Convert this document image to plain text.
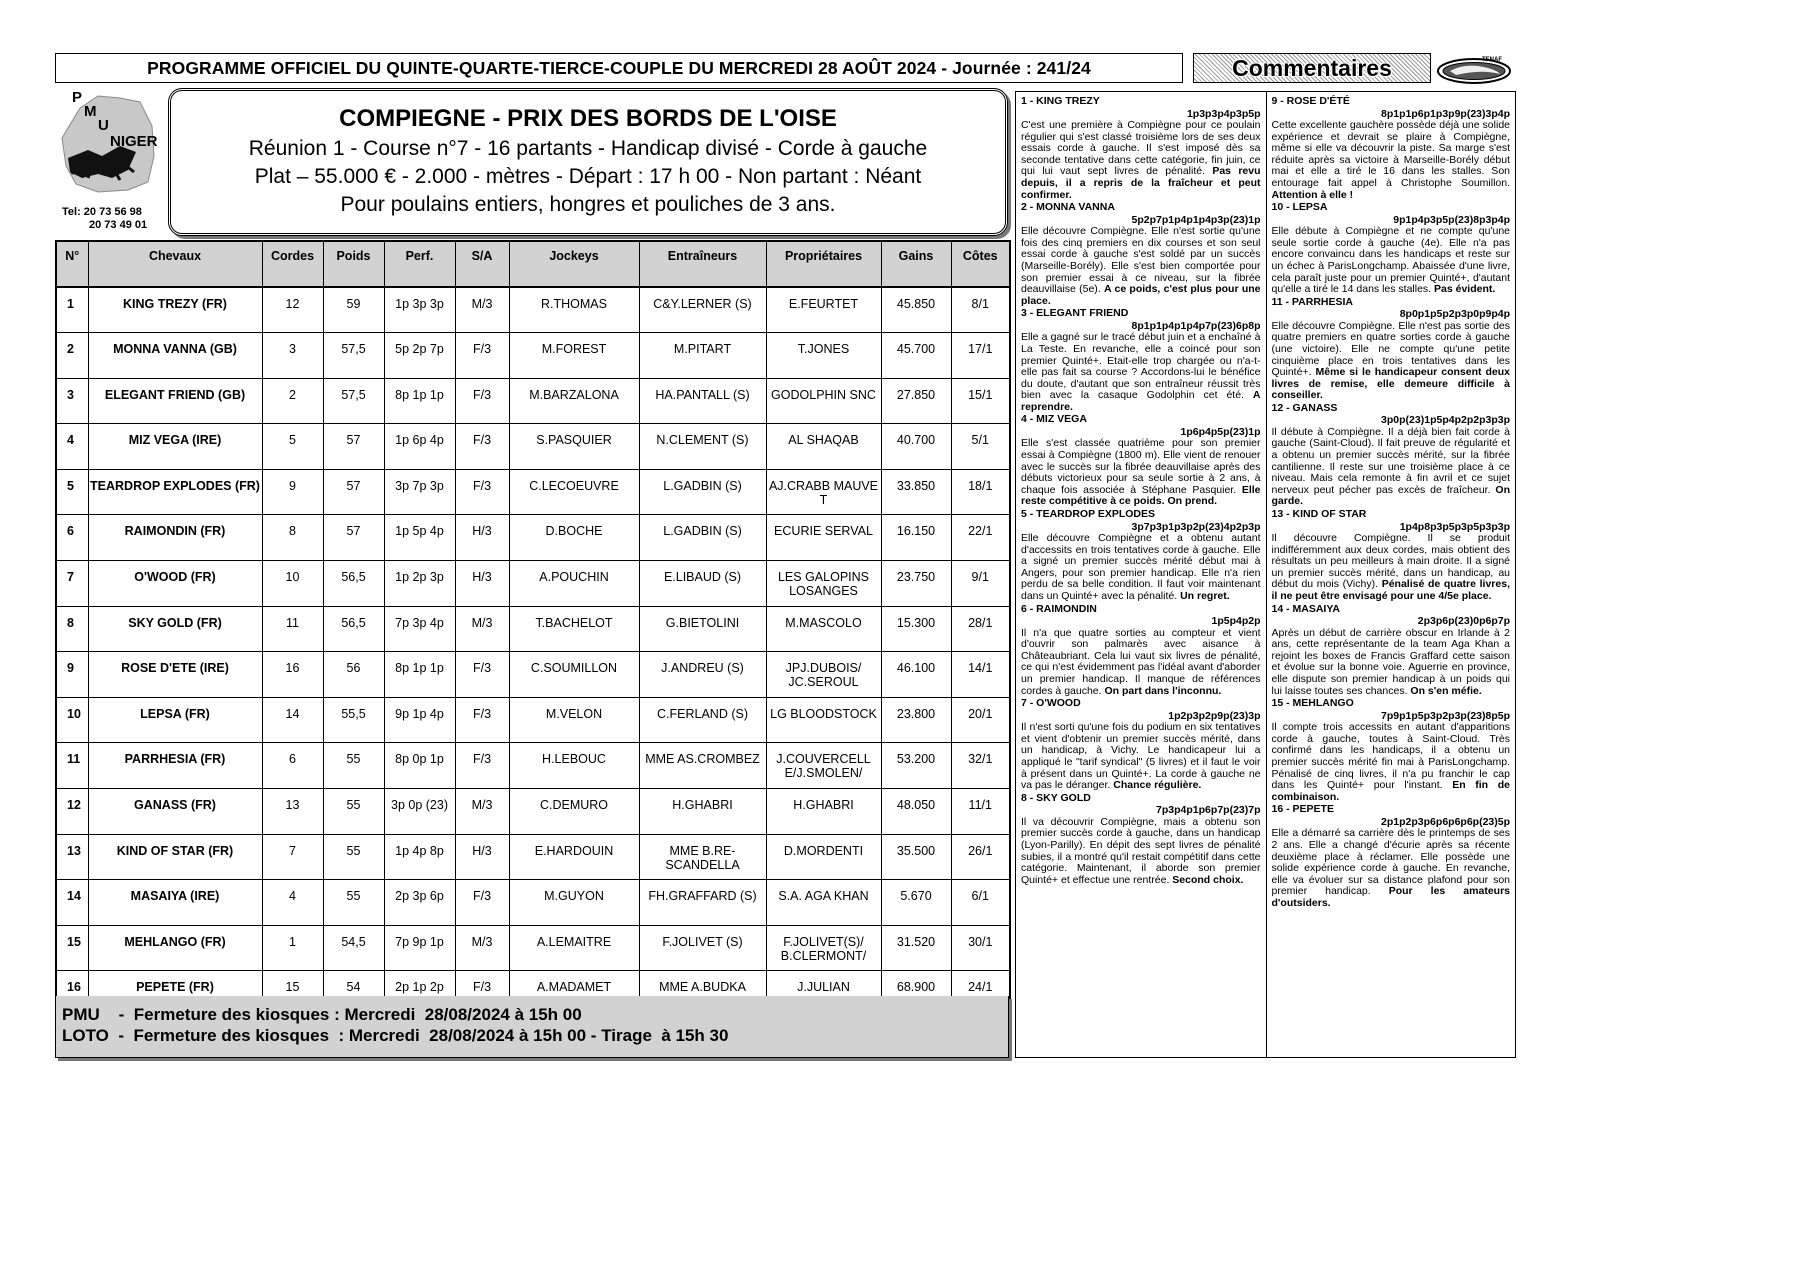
PROGRAMME OFFICIEL DU QUINTE-QUARTE-TIERCE-COUPLE DU MERCREDI 28 AOÛT 2024 - Journée : 241/24	Commentaires	TENAF
P
M
U
NIGER
Tel: 20 73 56 98
20 73 49 01
COMPIEGNE - PRIX DES BORDS DE L'OISE
Réunion 1 - Course n°7 - 16 partants - Handicap divisé - Corde à gauche
Plat – 55.000 € - 2.000 - mètres - Départ : 17 h 00 - Non partant : Néant
Pour poulains entiers, hongres et pouliches de 3 ans.
N°	Chevaux	Cordes	Poids	Perf.	S/A	Jockeys	Entraîneurs	Propriétaires	Gains	Côtes
1	KING TREZY (FR)	12	59	1p 3p 3p	M/3	R.THOMAS	C&Y.LERNER (S)	E.FEURTET	45.850	8/1
2	MONNA VANNA (GB)	3	57,5	5p 2p 7p	F/3	M.FOREST	M.PITART	T.JONES	45.700	17/1
3	ELEGANT FRIEND (GB)	2	57,5	8p 1p 1p	F/3	M.BARZALONA	HA.PANTALL (S)	GODOLPHIN SNC	27.850	15/1
4	MIZ VEGA (IRE)	5	57	1p 6p 4p	F/3	S.PASQUIER	N.CLEMENT (S)	AL SHAQAB	40.700	5/1
5	TEARDROP EXPLODES (FR)	9	57	3p 7p 3p	F/3	C.LECOEUVRE	L.GADBIN (S)	AJ.CRABB MAUVE T	33.850	18/1
6	RAIMONDIN (FR)	8	57	1p 5p 4p	H/3	D.BOCHE	L.GADBIN (S)	ECURIE SERVAL	16.150	22/1
7	O'WOOD (FR)	10	56,5	1p 2p 3p	H/3	A.POUCHIN	E.LIBAUD (S)	LES GALOPINS LOSANGES	23.750	9/1
8	SKY GOLD (FR)	11	56,5	7p 3p 4p	M/3	T.BACHELOT	G.BIETOLINI	M.MASCOLO	15.300	28/1
9	ROSE D'ETE (IRE)	16	56	8p 1p 1p	F/3	C.SOUMILLON	J.ANDREU (S)	JPJ.DUBOIS/ JC.SEROUL	46.100	14/1
10	LEPSA (FR)	14	55,5	9p 1p 4p	F/3	M.VELON	C.FERLAND (S)	LG BLOODSTOCK	23.800	20/1
11	PARRHESIA (FR)	6	55	8p 0p 1p	F/3	H.LEBOUC	MME AS.CROMBEZ	J.COUVERCELL E/J.SMOLEN/	53.200	32/1
12	GANASS (FR)	13	55	3p 0p (23)	M/3	C.DEMURO	H.GHABRI	H.GHABRI	48.050	11/1
13	KIND OF STAR (FR)	7	55	1p 4p 8p	H/3	E.HARDOUIN	MME B.RE-SCANDELLA	D.MORDENTI	35.500	26/1
14	MASAIYA (IRE)	4	55	2p 3p 6p	F/3	M.GUYON	FH.GRAFFARD (S)	S.A. AGA KHAN	5.670	6/1
15	MEHLANGO (FR)	1	54,5	7p 9p 1p	M/3	A.LEMAITRE	F.JOLIVET (S)	F.JOLIVET(S)/ B.CLERMONT/	31.520	30/1
16	PEPETE (FR)	15	54	2p 1p 2p	F/3	A.MADAMET	MME A.BUDKA	J.JULIAN	68.900	24/1
PMU    -  Fermeture des kiosques : Mercredi  28/08/2024 à 15h 00
LOTO  -  Fermeture des kiosques  : Mercredi  28/08/2024 à 15h 00 - Tirage  à 15h 30
1 - KING TREZY
1p3p3p4p3p5p
C'est une première à Compiègne pour ce poulain régulier qui s'est classé troisième lors de ses deux essais corde à gauche. Il s'est imposé dès sa seconde tentative dans cette catégorie, fin juin, ce qui lui vaut sept livres de pénalité. Pas revu depuis, il a repris de la fraîcheur et peut confirmer.
2 - MONNA VANNA
5p2p7p1p4p1p4p3p(23)1p
Elle découvre Compiègne. Elle n'est sortie qu'une fois des cinq premiers en dix courses et son seul essai corde à gauche s'est soldé par un succès (Marseille-Borély). Elle s'est bien comportée pour son premier essai à ce niveau, sur la fibrée deauvillaise (5e). A ce poids, c'est plus pour une place.
3 - ELEGANT FRIEND
8p1p1p4p1p4p7p(23)6p8p
Elle a gagné sur le tracé début juin et a enchaîné à La Teste. En revanche, elle a coincé pour son premier Quinté+. Etait-elle trop chargée ou n'a-t-elle pas fait sa course ? Accordons-lui le bénéfice du doute, d'autant que son entraîneur réussit très bien avec la casaque Godolphin cet été. A reprendre.
4 - MIZ VEGA
1p6p4p5p(23)1p
Elle s'est classée quatrième pour son premier essai à Compiègne (1800 m). Elle vient de renouer avec le succès sur la fibrée deauvillaise après des débuts victorieux pour sa seule sortie à 2 ans, à chaque fois associée à Stéphane Pasquier. Elle reste compétitive à ce poids. On prend.
5 - TEARDROP EXPLODES
3p7p3p1p3p2p(23)4p2p3p
Elle découvre Compiègne et a obtenu autant d'accessits en trois tentatives corde à gauche. Elle a signé un premier succès mérité début mai à Angers, pour son premier handicap. Elle n'a rien perdu de sa belle condition. Il faut voir maintenant dans un Quinté+ avec la pénalité. Un regret.
6 - RAIMONDIN
1p5p4p2p
Il n'a que quatre sorties au compteur et vient d'ouvrir son palmarès avec aisance à Châteaubriant. Cela lui vaut six livres de pénalité, ce qui n'est évidemment pas l'idéal avant d'aborder un premier handicap. Il manque de références cordes à gauche. On part dans l'inconnu.
7 - O'WOOD
1p2p3p2p9p(23)3p
Il n'est sorti qu'une fois du podium en six tentatives et vient d'obtenir un premier succès mérité, dans un handicap, à Vichy. Le handicapeur lui a appliqué le "tarif syndical" (5 livres) et il faut le voir à présent dans un Quinté+. La corde à gauche ne va pas le déranger. Chance régulière.
8 - SKY GOLD
7p3p4p1p6p7p(23)7p
Il va découvrir Compiègne, mais a obtenu son premier succès corde à gauche, dans un handicap (Lyon-Parilly). En dépit des sept livres de pénalité subies, il a montré qu'il restait compétitif dans cette catégorie. Maintenant, il aborde son premier Quinté+ et effectue une rentrée. Second choix.
9 - ROSE D'ÉTÉ
8p1p1p6p1p3p9p(23)3p4p
Cette excellente gauchère possède déjà une solide expérience et devrait se plaire à Compiègne, même si elle va découvrir la piste. Sa marge s'est réduite après sa victoire à Marseille-Borély début mai et elle a tiré le 16 dans les stalles. Son entourage fait appel à Christophe Soumillon. Attention à elle !
10 - LEPSA
9p1p4p3p5p(23)8p3p4p
Elle débute à Compiègne et ne compte qu'une seule sortie corde à gauche (4e). Elle n'a pas encore convaincu dans les handicaps et reste sur un échec à ParisLongchamp. Abaissée d'une livre, cela paraît juste pour un premier Quinté+, d'autant qu'elle a tiré le 14 dans les stalles. Pas évident.
11 - PARRHESIA
8p0p1p5p2p3p0p9p4p
Elle découvre Compiègne. Elle n'est pas sortie des quatre premiers en quatre sorties corde à gauche (une victoire). Elle ne compte qu'une petite cinquième place en trois tentatives dans les Quinté+. Même si le handicapeur consent deux livres de remise, elle demeure difficile à conseiller.
12 - GANASS
3p0p(23)1p5p4p2p2p3p3p
Il débute à Compiègne. Il a déjà bien fait corde à gauche (Saint-Cloud). Il fait preuve de régularité et a obtenu un premier succès mérité, sur la fibrée cantilienne. Il reste sur une troisième place à ce niveau. Mais cela remonte à fin avril et ce sujet nerveux peut pécher pas excès de fraîcheur. On garde.
13 - KIND OF STAR
1p4p8p3p5p3p5p3p3p
Il découvre Compiègne. Il se produit indifféremment aux deux cordes, mais obtient des résultats un peu meilleurs à main droite. Il a signé un premier succès mérité, dans un handicap, au début du mois (Vichy). Pénalisé de quatre livres, il ne peut être envisagé pour une 4/5e place.
14 - MASAIYA
2p3p6p(23)0p6p7p
Après un début de carrière obscur en Irlande à 2 ans, cette représentante de la team Aga Khan a rejoint les boxes de Francis Graffard cette saison et évolue sur la bonne voie. Aguerrie en province, elle dispute son premier handicap à un poids qui lui laisse toutes ses chances. On s'en méfie.
15 - MEHLANGO
7p9p1p5p3p2p3p(23)8p5p
Il compte trois accessits en autant d'apparitions corde à gauche, toutes à Saint-Cloud. Très confirmé dans les handicaps, il a obtenu un premier succès mérité fin mai à ParisLongchamp. Pénalisé de cinq livres, il n'a pu franchir le cap dans les Quinté+ pour l'instant. En fin de combinaison.
16 - PEPETE
2p1p2p3p6p6p6p6p(23)5p
Elle a démarré sa carrière dès le printemps de ses 2 ans. Elle a changé d'écurie après sa récente deuxième place à réclamer. Elle possède une solide expérience corde à gauche. En revanche, elle va évoluer sur sa distance plafond pour son premier handicap. Pour les amateurs d'outsiders.
